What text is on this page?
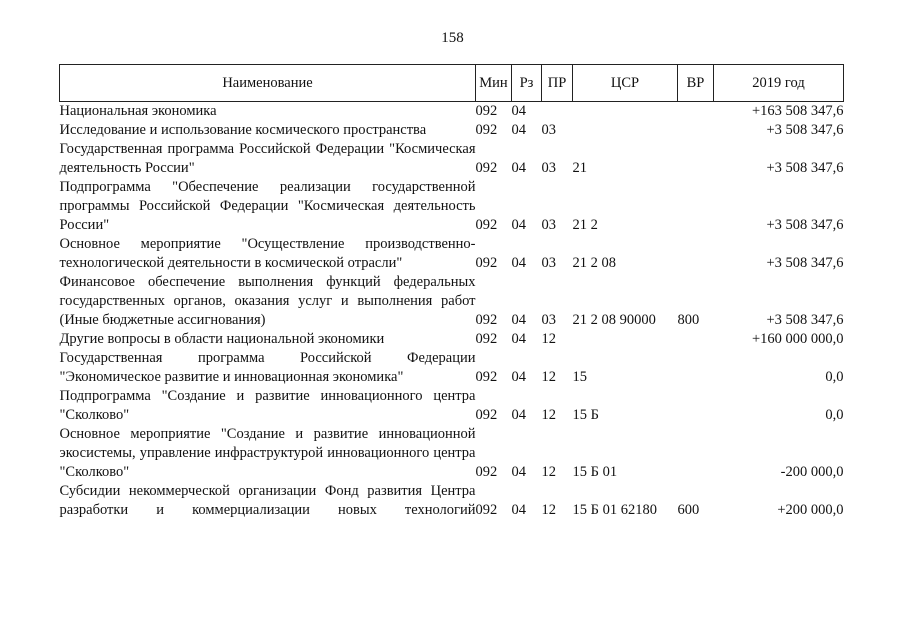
158
Наименование	Мин	Рз	ПР	ЦСР	ВР	2019 год

Национальная экономика	092	04				+163 508 347,6

Исследование и использование космического пространства	092	04	03			+3 508 347,6

Государственная программа Российской Федерации "Космическая деятельность России"	092	04	03	21		+3 508 347,6

Подпрограмма "Обеспечение реализации государственной программы Российской Федерации "Космическая деятельность России"	092	04	03	21 2		+3 508 347,6

Основное мероприятие "Осуществление производственно-технологической деятельности в космической отрасли"	092	04	03	21 2 08		+3 508 347,6

Финансовое обеспечение выполнения функций федеральных государственных органов, оказания услуг и выполнения работ (Иные бюджетные ассигнования)	092	04	03	21 2 08 90000	800	+3 508 347,6

Другие вопросы в области национальной экономики	092	04	12			+160 000 000,0

Государственная программа Российской Федерации "Экономическое развитие и инновационная экономика"	092	04	12	15		0,0

Подпрограмма "Создание и развитие инновационного центра "Сколково"	092	04	12	15 Б		0,0

Основное мероприятие "Создание и развитие инновационной экосистемы, управление инфраструктурой инновационного центра "Сколково"	092	04	12	15 Б 01		-200 000,0

Субсидии некоммерческой организации Фонд развития Центра разработки и коммерциализации новых технологий	092	04	12	15 Б 01 62180	600	+200 000,0
